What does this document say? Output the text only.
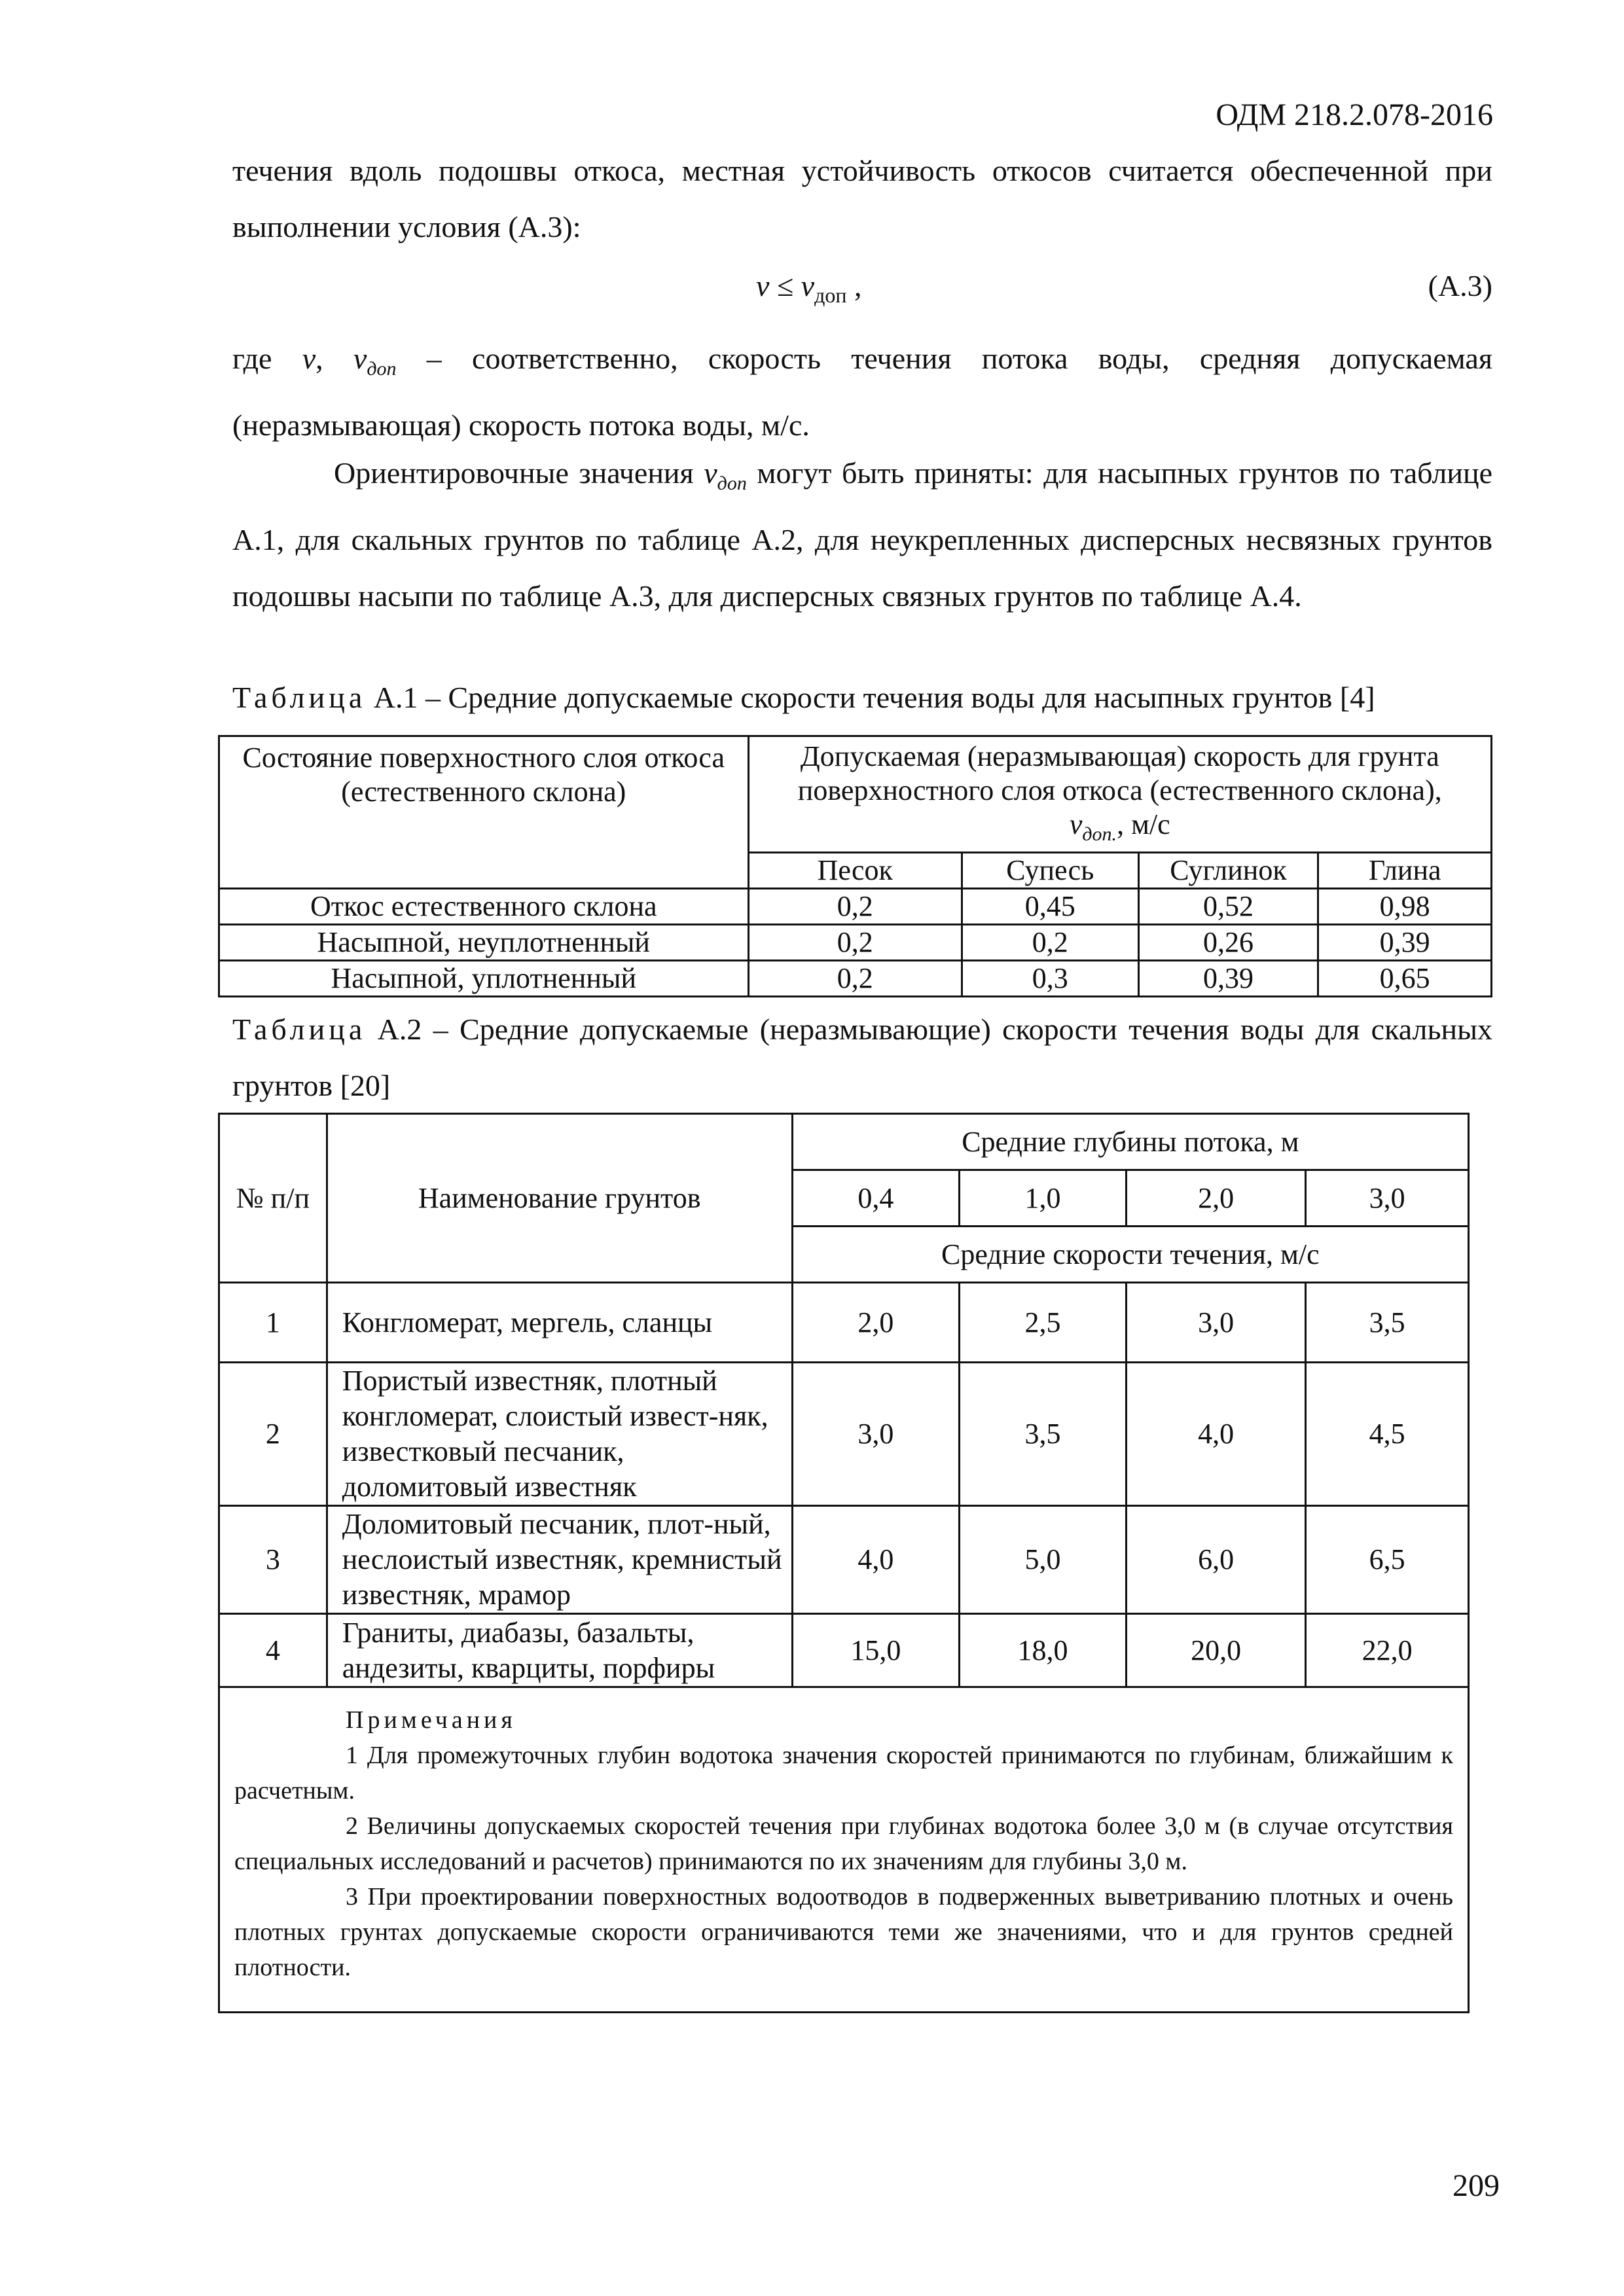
ОДМ 218.2.078-2016

течения вдоль подошвы откоса, местная устойчивость откосов считается обеспеченной при выполнении условия (А.3):

$v \le v_{доп}$ ,	(А.3)

где v, $v_{доп}$ – соответственно, скорость течения потока воды, средняя допускаемая (неразмывающая) скорость потока воды, м/с.

Ориентировочные значения $v_{доп}$ могут быть приняты: для насыпных грунтов по таблице А.1, для скальных грунтов по таблице А.2, для неукрепленных дисперсных несвязных грунтов подошвы насыпи по таблице А.3, для дисперсных связных грунтов по таблице А.4.

Таблица А.1 – Средние допускаемые скорости течения воды для насыпных грунтов [4]
Состояние поверхностного слоя откоса (естественного склона)	Допускаемая (неразмывающая) скорость для грунта поверхностного слоя откоса (естественного склона),
$v_{доп.}$, м/с			
	Песок	Супесь	Суглинок	Глина
Откос естественного склона	0,2	0,45	0,52	0,98
Насыпной, неуплотненный	0,2	0,2	0,26	0,39
Насыпной, уплотненный	0,2	0,3	0,39	0,65

Таблица А.2 – Средние допускаемые (неразмывающие) скорости течения воды для скальных грунтов [20]

№ п/п	Наименование грунтов	Средние глубины потока, м			
		0,4	1,0	2,0	3,0
		Средние скорости течения, м/с			
1	Конгломерат, мергель, сланцы	2,0	2,5	3,0	3,5
2	Пористый известняк, плотный конгломерат, слоистый извест-няк, известковый песчаник, доломитовый известняк	3,0	3,5	4,0	4,5
3	Доломитовый песчаник, плот-ный, неслоистый известняк, кремнистый известняк, мрамор	4,0	5,0	6,0	6,5
4	Граниты, диабазы, базальты, андезиты, кварциты, порфиры	15,0	18,0	20,0	22,0

Примечания

1 Для промежуточных глубин водотока значения скоростей принимаются по глубинам, ближайшим к расчетным.

2 Величины допускаемых скоростей течения при глубинах водотока более 3,0 м (в случае отсутствия специальных исследований и расчетов) принимаются по их значениям для глубины 3,0 м.

3 При проектировании поверхностных водоотводов в подверженных выветриванию плотных и очень плотных грунтах допускаемые скорости ограничиваются теми же значениями, что и для грунтов средней плотности.					

209
